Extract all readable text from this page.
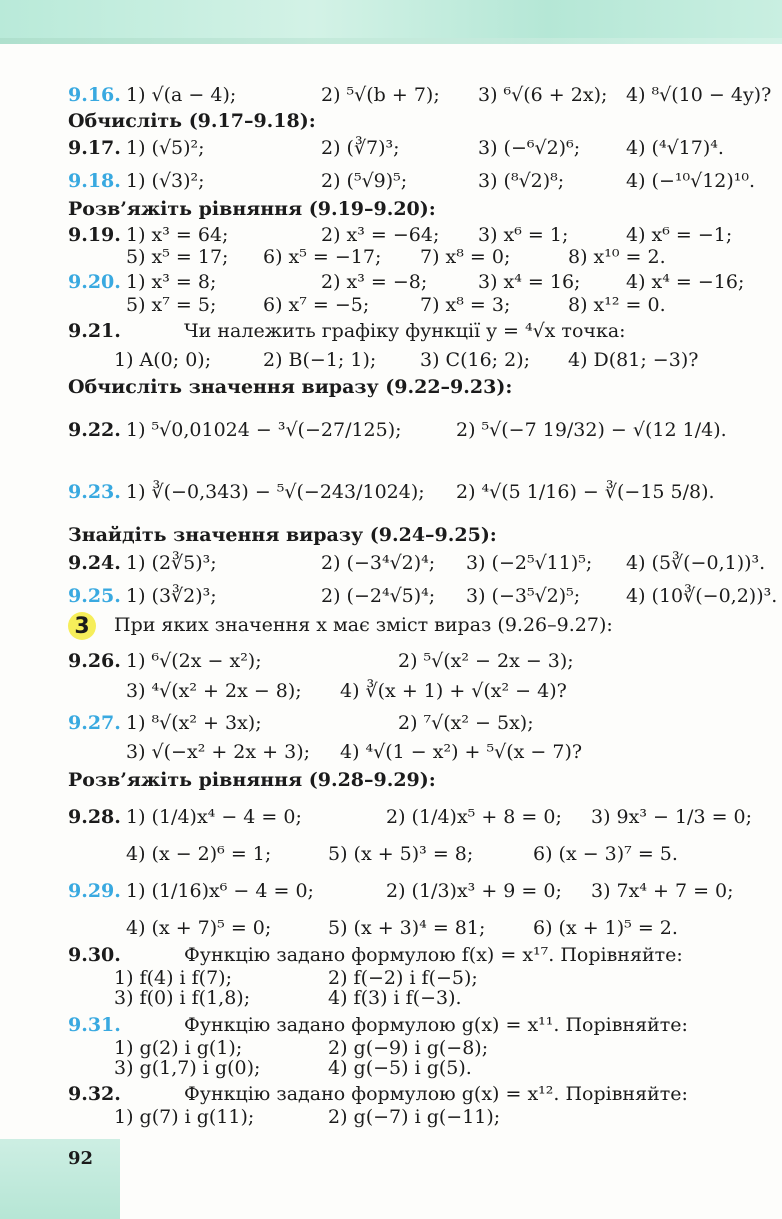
3
9.16. 1) √(a − 4);	2) ⁵√(b + 7); 3) ⁶√(6 + 2x); 4) ⁸√(10 − 4y)?
Обчисліть (9.17–9.18):
9.17. 1) (√5)²;	2) (∛7)³;	3) (−⁶√2)⁶; 4) (⁴√17)⁴.
9.18. 1) (√3)²;	2) (⁵√9)⁵;	3) (⁸√2)⁸;	4) (−¹⁰√12)¹⁰.
Розв’яжіть рівняння (9.19–9.20):
9.19. 1) x³ = 64;	2) x³ = −64; 3) x⁶ = 1;	4) x⁶ = −1;
5) x⁵ = 17; 6) x⁵ = −17; 7) x⁸ = 0;	8) x¹⁰ = 2.
9.20. 1) x³ = 8;	2) x³ = −8;	3) x⁴ = 16; 4) x⁴ = −16;
5) x⁷ = 5; 6) x⁷ = −5;	7) x⁸ = 3;	8) x¹² = 0.
9.21.	Чи належить графіку функції y = ⁴√x точка:
1) A(0; 0);	2) B(−1; 1); 3) C(16; 2); 4) D(81; −3)?
Обчисліть значення виразу (9.22–9.23):
9.22. 1) ⁵√0,01024 − ³√(−27/125);	2) ⁵√(−7 19/32) − √(12 1/4).
9.23. 1) ∛(−0,343) − ⁵√(−243/1024); 2) ⁴√(5 1/16) − ∛(−15 5/8).
Знайдіть значення виразу (9.24–9.25):
9.24. 1) (2∛5)³;	2) (−3⁴√2)⁴; 3) (−2⁵√11)⁵; 4) (5∛(−0,1))³.
9.25. 1) (3∛2)³;	2) (−2⁴√5)⁴; 3) (−3⁵√2)⁵; 4) (10∛(−0,2))³.
При яких значення x має зміст вираз (9.26–9.27):
9.26. 1) ⁶√(2x − x²);	2) ⁵√(x² − 2x − 3);
3) ⁴√(x² + 2x − 8); 4) ∛(x + 1) + √(x² − 4)?
9.27. 1) ⁸√(x² + 3x);	2) ⁷√(x² − 5x);
3) √(−x² + 2x + 3); 4) ⁴√(1 − x²) + ⁵√(x − 7)?
Розв’яжіть рівняння (9.28–9.29):
9.28. 1) (1/4)x⁴ − 4 = 0;	2) (1/4)x⁵ + 8 = 0; 3) 9x³ − 1/3 = 0;
4) (x − 2)⁶ = 1;	5) (x + 5)³ = 8;	6) (x − 3)⁷ = 5.
9.29. 1) (1/16)x⁶ − 4 = 0;	2) (1/3)x³ + 9 = 0; 3) 7x⁴ + 7 = 0;
4) (x + 7)⁵ = 0;	5) (x + 3)⁴ = 81;	6) (x + 1)⁵ = 2.
9.30.	Функцію задано формулою f(x) = x¹⁷. Порівняйте:
1) f(4) і f(7);	2) f(−2) і f(−5);
3) f(0) і f(1,8);	4) f(3) і f(−3).
9.31.	Функцію задано формулою g(x) = x¹¹. Порівняйте:
1) g(2) і g(1);	2) g(−9) і g(−8);
3) g(1,7) і g(0);	4) g(−5) і g(5).
9.32.	Функцію задано формулою g(x) = x¹². Порівняйте:
1) g(7) і g(11);	2) g(−7) і g(−11);
92
